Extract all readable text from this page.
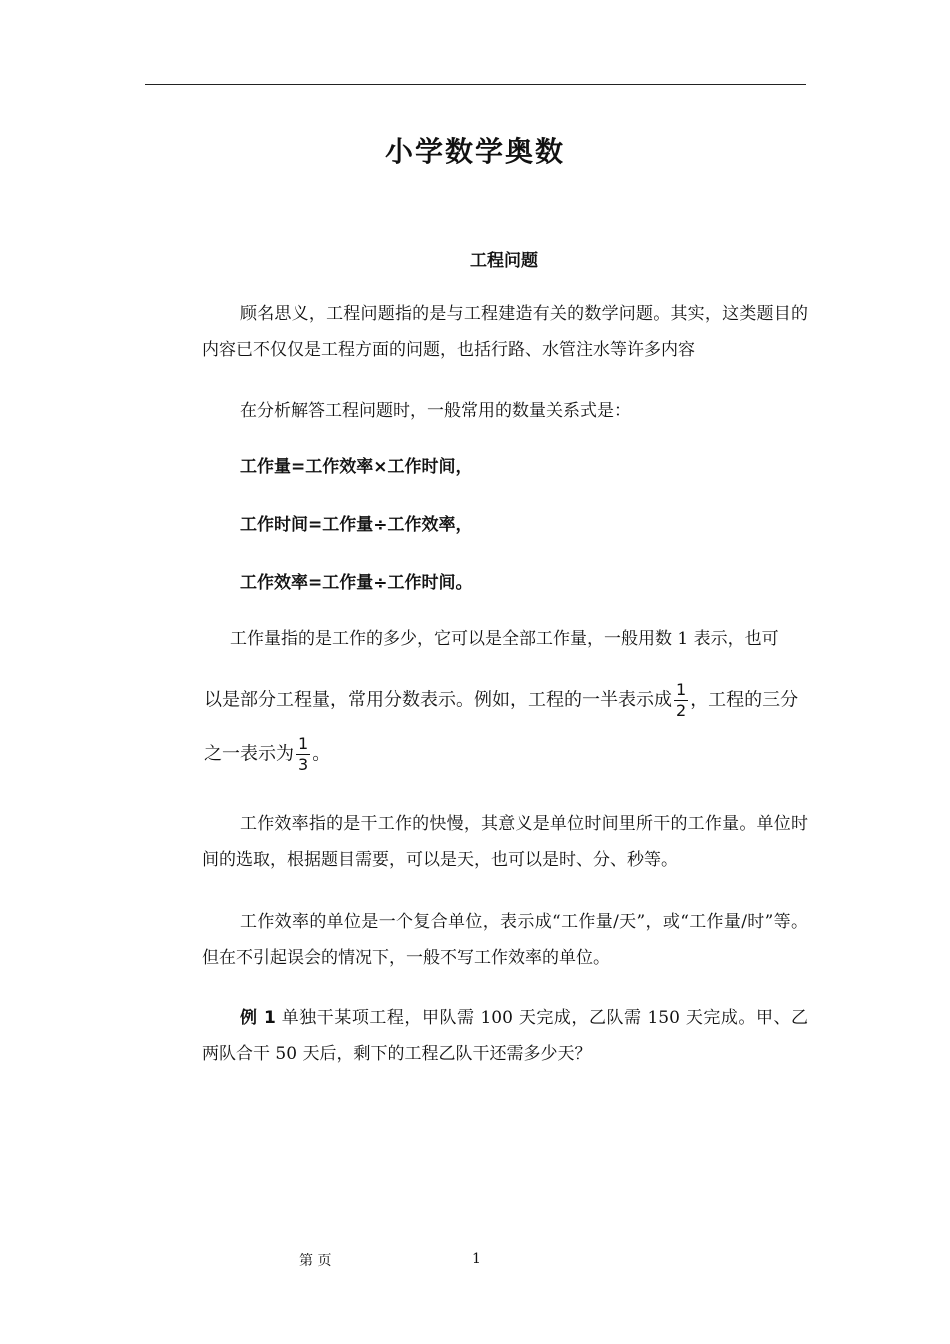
小学数学奥数
工程问题
顾名思义，工程问题指的是与工程建造有关的数学问题。其实，这类题目的内容已不仅仅是工程方面的问题，也括行路、水管注水等许多内容
在分析解答工程问题时，一般常用的数量关系式是：
工作量=工作效率×工作时间，
工作时间=工作量÷工作效率，
工作效率=工作量÷工作时间。
工作量指的是工作的多少，它可以是全部工作量，一般用数 1 表示，也可
以是部分工程量，常用分数表示。例如，工程的一半表示成 $\frac{1}{2}$ ，工程的三分
之一表示为 $\frac{1}{3}$ 。
工作效率指的是干工作的快慢，其意义是单位时间里所干的工作量。单位时间的选取，根据题目需要，可以是天，也可以是时、分、秒等。
工作效率的单位是一个复合单位，表示成“工作量/天”，或“工作量/时”等。但在不引起误会的情况下，一般不写工作效率的单位。
例 1 单独干某项工程，甲队需 100 天完成，乙队需 150 天完成。甲、乙两队合干 50 天后，剩下的工程乙队干还需多少天？
第 页	1
